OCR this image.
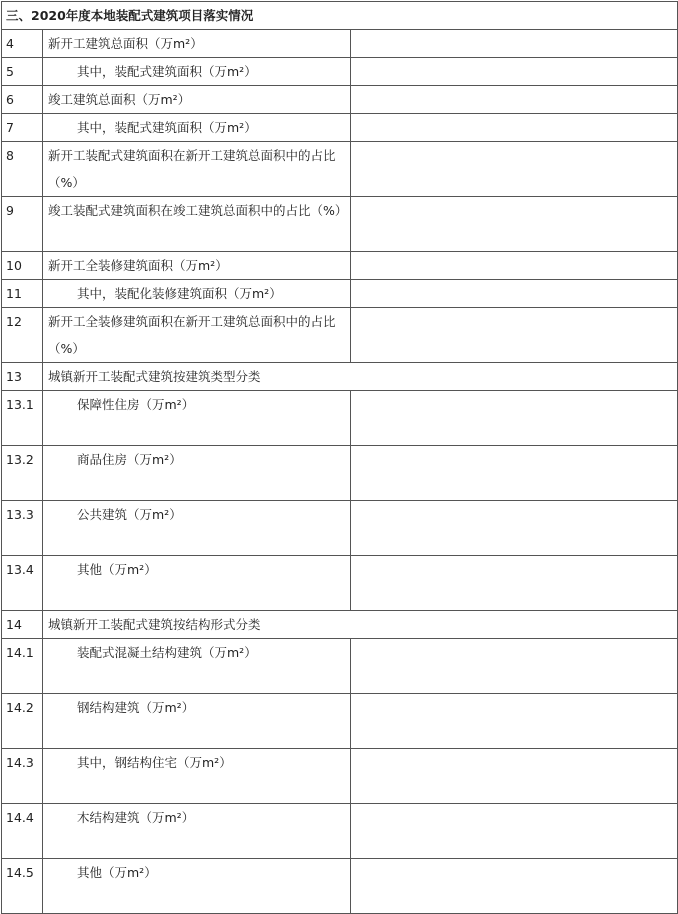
三、2020年度本地装配式建筑项目落实情况		
4	新开工建筑总面积（万m²）	
5	其中，装配式建筑面积（万m²）	
6	竣工建筑总面积（万m²）	
7	其中，装配式建筑面积（万m²）	
8	新开工装配式建筑面积在新开工建筑总面积中的占比（%）	
9	竣工装配式建筑面积在竣工建筑总面积中的占比（%）	
10	新开工全装修建筑面积（万m²）	
11	其中，装配化装修建筑面积（万m²）	
12	新开工全装修建筑面积在新开工建筑总面积中的占比（%）	
13	城镇新开工装配式建筑按建筑类型分类	
13.1	保障性住房（万m²）	
13.2	商品住房（万m²）	
13.3	公共建筑（万m²）	
13.4	其他（万m²）	
14	城镇新开工装配式建筑按结构形式分类	
14.1	装配式混凝土结构建筑（万m²）	
14.2	钢结构建筑（万m²）	
14.3	其中，钢结构住宅（万m²）	
14.4	木结构建筑（万m²）	
14.5	其他（万m²）	
